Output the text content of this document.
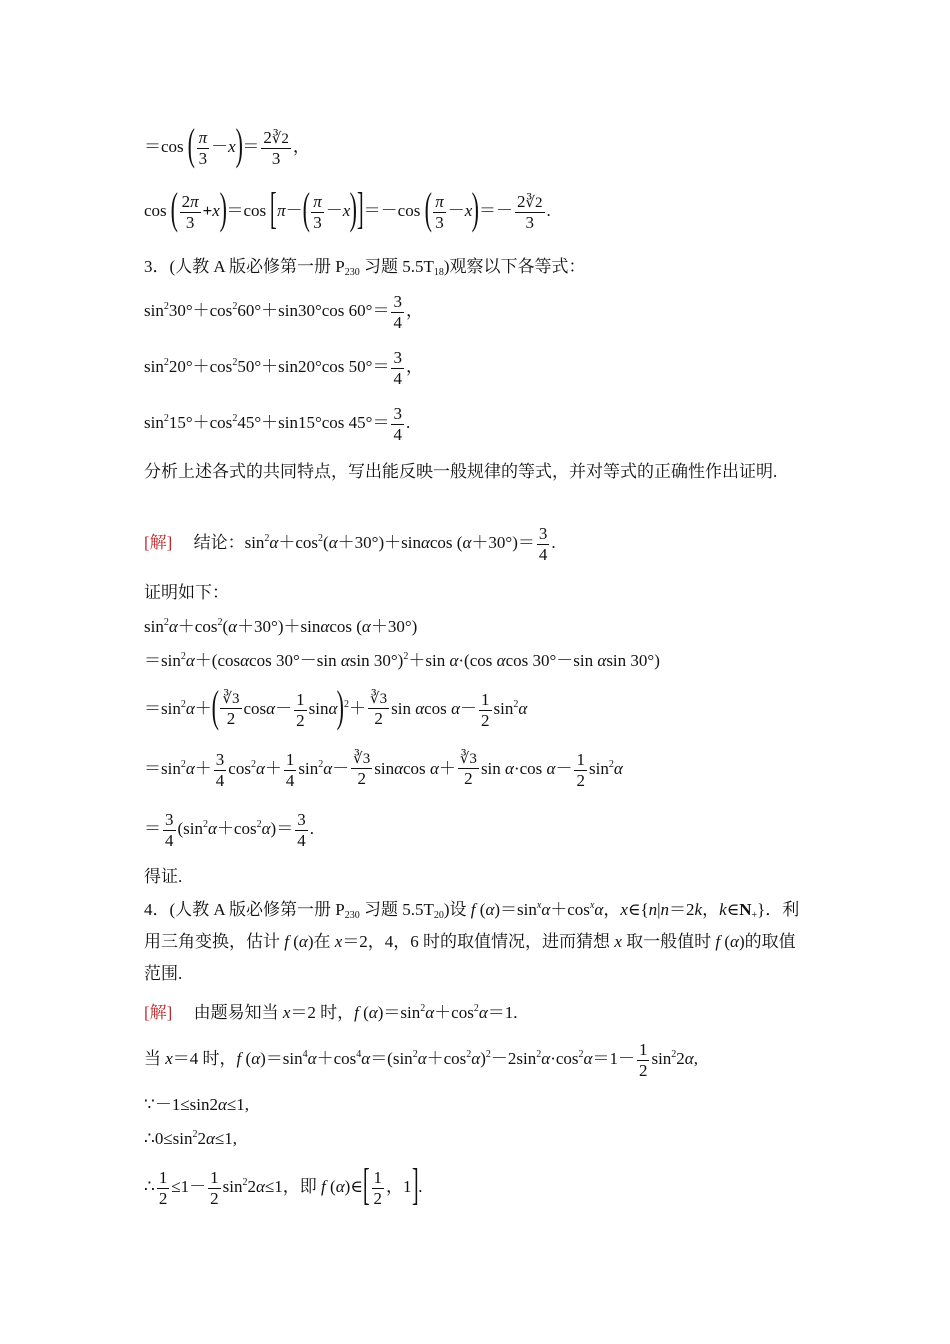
＝cos ( $\frac{\pi}{3} -x)= \frac{2∛2}{3}$ ，
cos ( $\frac{2\pi}{3} +x)=\cos$ $[\pi-( \frac{\pi}{3} -x)]=-\cos$ ( $\frac{\pi}{3} -x)=- \frac{2∛2}{3}$ .
3．(人教 A 版必修第一册 $P_{230}$ 习题 $5.5T_{18}$)观察以下各等式：
$\sin^230^\circ+\cos^260^\circ+\sin 30^\circ\cos$ $60^\circ= \frac{3}{4}$ ，
$\sin^220^\circ+\cos^250^\circ+\sin 20^\circ\cos$ $50^\circ= \frac{3}{4}$ ，
$\sin^215^\circ+\cos^245^\circ+\sin 15^\circ\cos$ $45^\circ= \frac{3}{4}$ .
分析上述各式的共同特点，写出能反映一般规律的等式，并对等式的正确性作出证明.
[解]　 结论：$\sin^2\alpha+\cos^2(\alpha+30^\circ)+\sin\alpha\cos$ $(\alpha+30^\circ)= \frac{3}{4}$ .
证明如下：
$\sin^2\alpha+\cos^2(\alpha+30^\circ)+\sin\alpha\cos$ (α＋30°)
$=\sin^2\alpha+(\cos\alpha\cos$ 30°－sin αsin 30°)$^2$＋sin α·(cos αcos 30°－sin αsin 30°)
$=\sin^2\alpha+( \frac{∛3}{2} \cos\alpha- \frac{1}{2} \sin\alpha)^2+ \frac{∛3}{2}$ sin αcos $\alpha- \frac{1}{2} \sin^2\alpha$
$=\sin^2\alpha+ \frac{3}{4} \cos^2\alpha+ \frac{1}{4} \sin^2\alpha- \frac{∛3}{2}$ sinαcos $\alpha+ \frac{∛3}{2}$ sin α·cos $\alpha- \frac{1}{2} \sin^2\alpha$
＝ $\frac{3}{4} (\sin^2\alpha+\cos^2\alpha)= \frac{3}{4}$ .
得证.
4．(人教 A 版必修第一册 $P_{230}$ 习题 $5.5T_{20}$)设 f $(\alpha)=\sin^x\alpha+\cos^x\alpha$，x∈{n|n＝2k，$k\in N_+$}．利用三角变换，估计 f (α)在 x＝2，4，6 时的取值情况，进而猜想 x 取一般值时 f (α)的取值范围.
[解]　 由题易知当 x＝2 时，f $(\alpha)=\sin^2\alpha+\cos^2\alpha=1$.
当 x＝4 时，f $(\alpha)=\sin^4\alpha+\cos^4\alpha=(\sin^2\alpha+\cos^2\alpha)^2-2\sin^2\alpha\cdot\cos^2\alpha=1- \frac{1}{2} \sin^22\alpha$,
∵－1≤sin2α≤1,
$\therefore 0\le\sin^22\alpha\le 1$,
∴ $\frac{1}{2} \le 1- \frac{1}{2} \sin^22\alpha\le 1$，即 f (α)∈[ $\frac{1}{2}$ ，1].
